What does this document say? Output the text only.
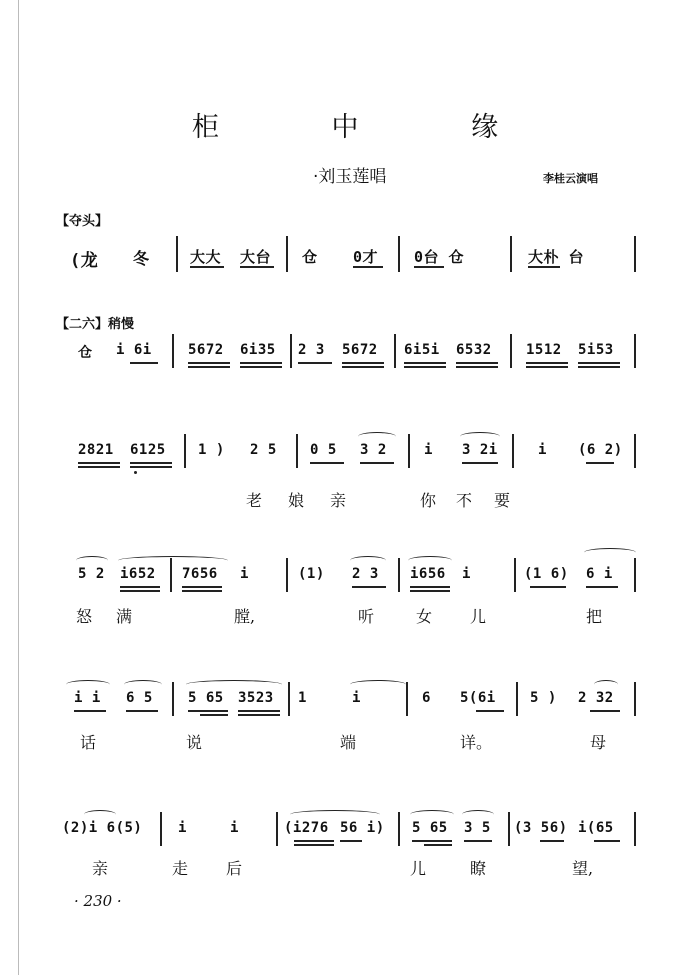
柜 中 缘
·刘玉莲唱	李桂云演唱
【夺头】
(龙 冬	大大 大台 仓 0才 0台 仓	大朴 台
【二六】稍慢
仓 i 6i	5672 6i35 2 3 5672 6i5i 6532 1512 5i53
2821 6125 1 ) 2 5 0 5 3 2	i 3 2i	i (6 2)
老娘亲	你不 要
5 2 i652 7656 i	(1) 2 3 i656 i	(1 6) 6 i
怒满	膛,	听	女 儿	把
i i 6 5	5 65 3523 1	i	6 5(6i 5 ) 2 32
话	说	端	详。	母
(2)i 6(5)	i	i	(i276 56 i) 5 65 3 5 (3 56) i(65
亲	走 后	儿	瞭	望,
· 230 ·
